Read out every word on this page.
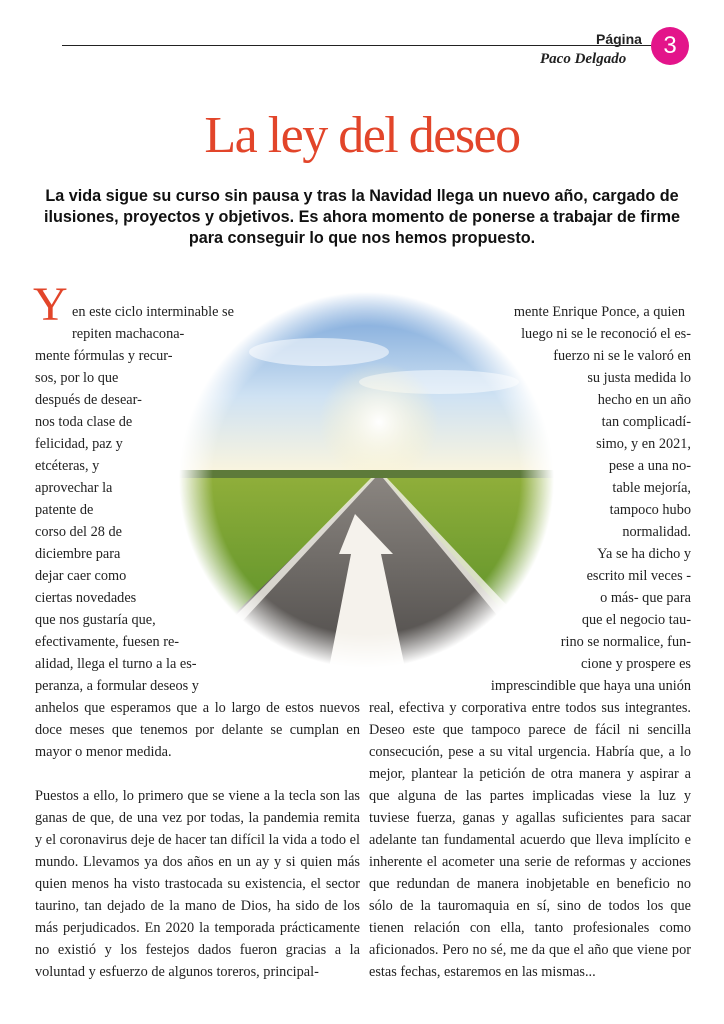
Página 3
Paco Delgado
La ley del deseo
La vida sigue su curso sin pausa y tras la Navidad llega un nuevo año, cargado de ilusiones, proyectos y objetivos. Es ahora momento de ponerse a trabajar de firme para conseguir lo que nos hemos propuesto.
Y en este ciclo interminable se
repiten machacona-
mente fórmulas y recur-
sos, por lo que
después de desear-
nos toda clase de
felicidad, paz y
etcéteras, y
aprovechar la
patente de
corso del 28 de
diciembre para
dejar caer como
ciertas novedades
que nos gustaría que,
efectivamente, fuesen re-
alidad, llega el turno a la es-
peranza, a formular deseos y
mente Enrique Ponce, a quien
luego ni se le reconoció el es-
fuerzo ni se le valoró en
su justa medida lo
hecho en un año
tan complicadí-
simo, y en 2021,
pese a una no-
table mejoría,
tampoco hubo
normalidad.
Ya se ha dicho y
escrito mil veces -
o más- que para
que el negocio tau-
rino se normalice, fun-
cione y prospere es
imprescindible que haya una unión

anhelos que esperamos que a lo largo de estos nuevos doce meses que tenemos por delante se cumplan en mayor o menor medida.

Puestos a ello, lo primero que se viene a la tecla son las ganas de que, de una vez por todas, la pandemia remita y el coronavirus deje de hacer tan difícil la vida a todo el mundo. Llevamos ya dos años en un ay y si quien más quien menos ha visto trastocada su existencia, el sector taurino, tan dejado de la mano de Dios, ha sido de los más perjudicados. En 2020 la temporada prácticamente no existió y los festejos dados fueron gracias a la voluntad y esfuerzo de algunos toreros, principal-

real, efectiva y corporativa entre todos sus integrantes. Deseo este que tampoco parece de fácil ni sencilla consecución, pese a su vital urgencia. Habría que, a lo mejor, plantear la petición de otra manera y aspirar a que alguna de las partes implicadas viese la luz y tuviese fuerza, ganas y agallas suficientes para sacar adelante tan fundamental acuerdo que lleva implícito e inherente el acometer una serie de reformas y acciones que redundan de manera inobjetable en beneficio no sólo de la tauromaquia en sí, sino de todos los que tienen relación con ella, tanto profesionales como aficionados. Pero no sé, me da que el año que viene por estas fechas, estaremos en las mismas...
